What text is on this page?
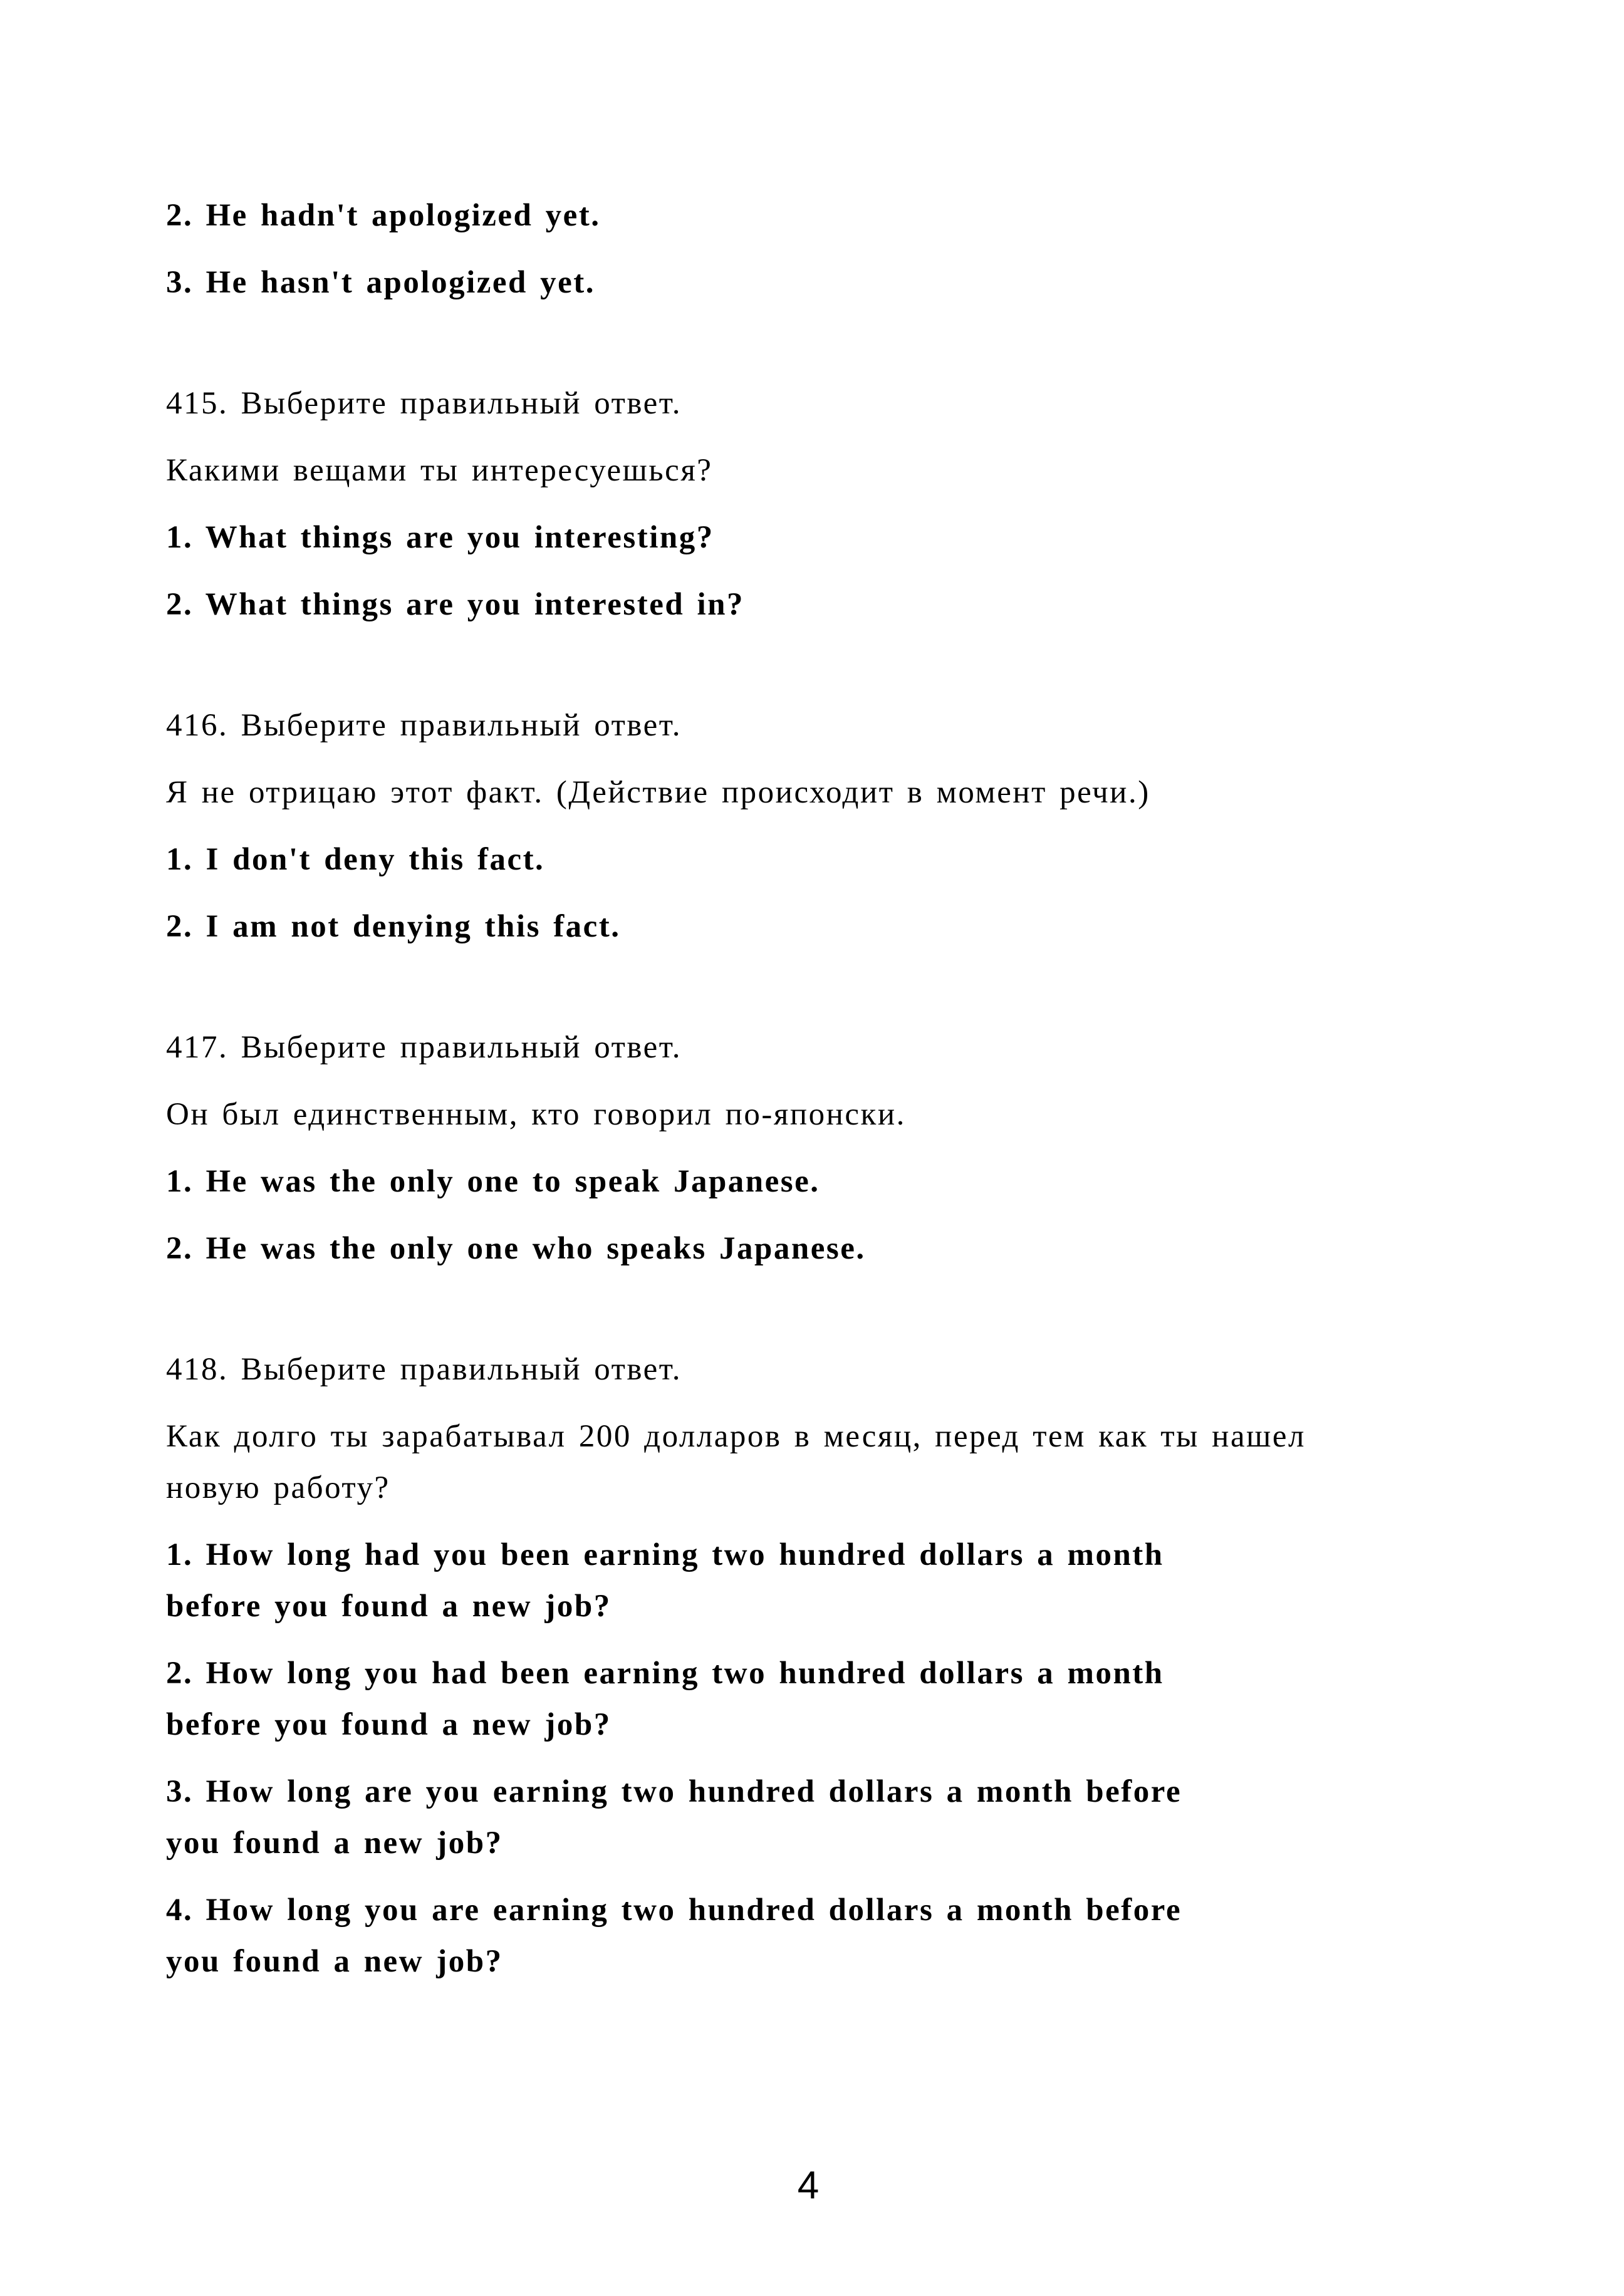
2. He hadn't apologized yet.

3. He hasn't apologized yet.

415. Выберите правильный ответ.

Какими вещами ты интересуешься?

1. What things are you interesting?

2. What things are you interested in?

416. Выберите правильный ответ.

Я не отрицаю этот факт. (Действие происходит в момент речи.)

1. I don't deny this fact.

2. I am not denying this fact.

417. Выберите правильный ответ.

Он был единственным, кто говорил по-японски.

1. He was the only one to speak Japanese.

2. He was the only one who speaks Japanese.

418. Выберите правильный ответ.

Как долго ты зарабатывал 200 долларов в месяц, перед тем как ты нашел
новую работу?

1. How long had you been earning two hundred dollars a month
before you found a new job?

2. How long you had been earning two hundred dollars a month
before you found a new job?

3. How long are you earning two hundred dollars a month before
you found a new job?

4. How long you are earning two hundred dollars a month before
you found a new job?

4
